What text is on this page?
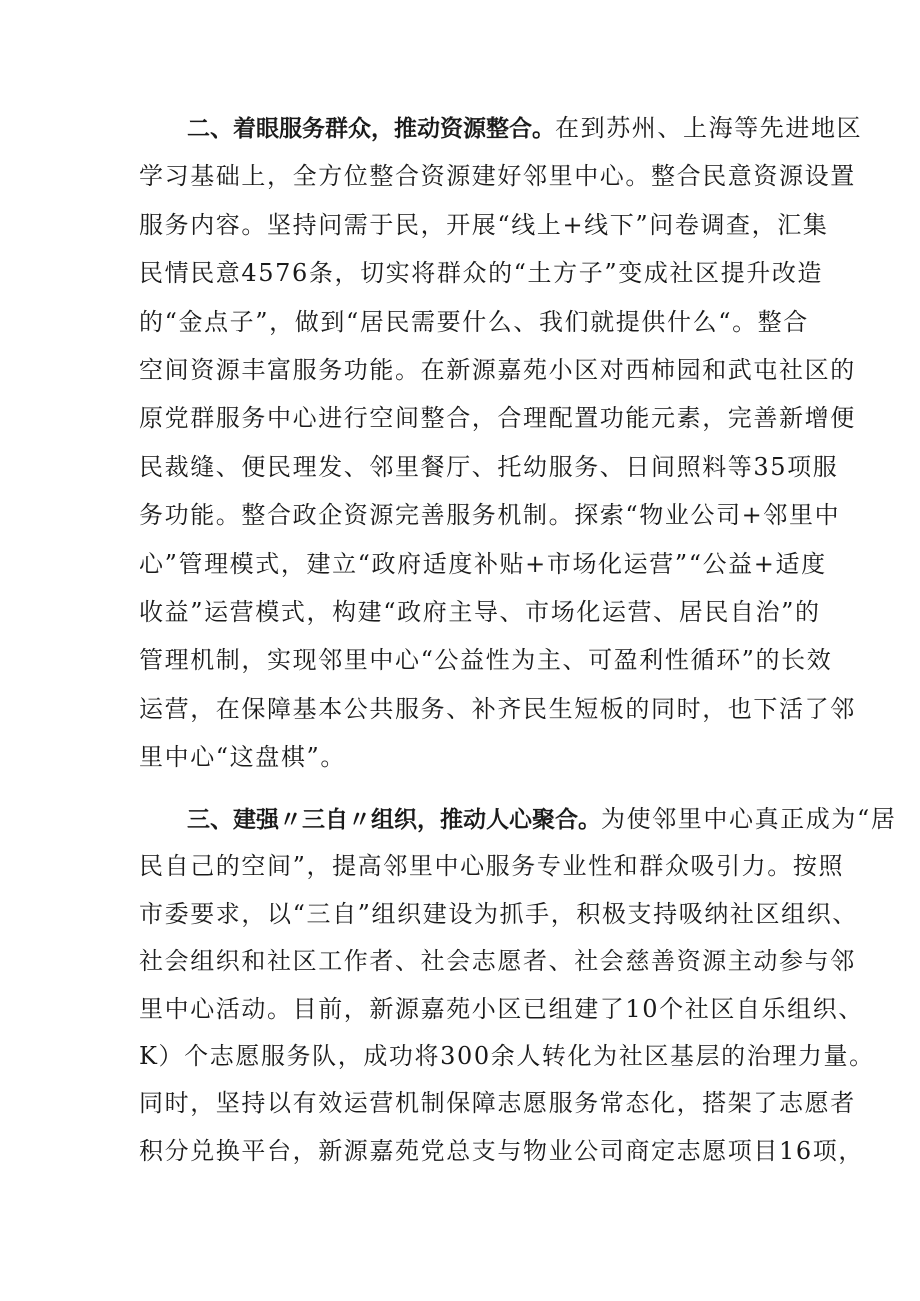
二、着眼服务群众，推动资源整合。在到苏州、上海等先进地区
学习基础上，全方位整合资源建好邻里中心。整合民意资源设置
服务内容。坚持问需于民，开展“线上+线下”问卷调查，汇集
民情民意4576条，切实将群众的“土方子”变成社区提升改造
的“金点子”，做到“居民需要什么、我们就提供什么“。整合
空间资源丰富服务功能。在新源嘉苑小区对西柿园和武屯社区的
原党群服务中心进行空间整合，合理配置功能元素，完善新增便
民裁缝、便民理发、邻里餐厅、托幼服务、日间照料等35项服
务功能。整合政企资源完善服务机制。探索“物业公司+邻里中
心”管理模式，建立“政府适度补贴+市场化运营”“公益+适度
收益”运营模式，构建“政府主导、市场化运营、居民自治”的
管理机制，实现邻里中心“公益性为主、可盈利性循环”的长效
运营，在保障基本公共服务、补齐民生短板的同时，也下活了邻
里中心“这盘棋”。
三、建强〃三自〃组织，推动人心聚合。为使邻里中心真正成为“居
民自己的空间”，提高邻里中心服务专业性和群众吸引力。按照
市委要求，以“三自”组织建设为抓手，积极支持吸纳社区组织、
社会组织和社区工作者、社会志愿者、社会慈善资源主动参与邻
里中心活动。目前，新源嘉苑小区已组建了10个社区自乐组织、
K）个志愿服务队，成功将300余人转化为社区基层的治理力量。
同时，坚持以有效运营机制保障志愿服务常态化，搭架了志愿者
积分兑换平台，新源嘉苑党总支与物业公司商定志愿项目16项，
